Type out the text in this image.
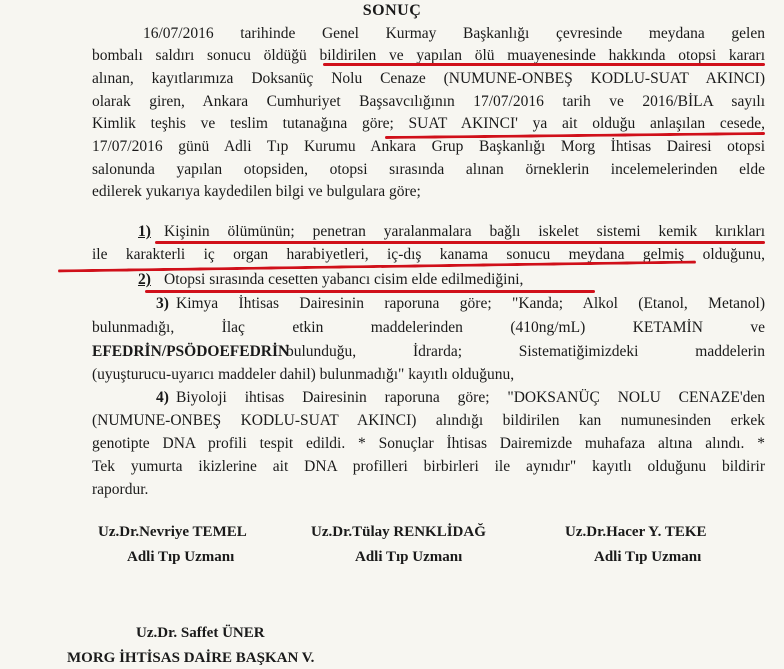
SONUÇ
16/07/2016 tarihinde Genel Kurmay Başkanlığı çevresinde meydana gelen
bombalı saldırı sonucu öldüğü bildirilen ve yapılan ölü muayenesinde hakkında otopsi kararı
alınan, kayıtlarımıza Doksanüç Nolu Cenaze (NUMUNE-ONBEŞ KODLU-SUAT AKINCI)
olarak giren, Ankara Cumhuriyet Başsavcılığının 17/07/2016 tarih ve 2016/BİLA sayılı
Kimlik teşhis ve teslim tutanağına göre; SUAT AKINCI' ya ait olduğu anlaşılan cesede,
17/07/2016 günü Adli Tıp Kurumu Ankara Grup Başkanlığı Morg İhtisas Dairesi otopsi
salonunda yapılan otopsiden, otopsi sırasında alınan örneklerin incelemelerinden elde
edilerek yukarıya kaydedilen bilgi ve bulgulara göre;
1) Kişinin ölümünün; penetran yaralanmalara bağlı iskelet sistemi kemik kırıkları
ile karakterli iç organ harabiyetleri, iç-dış kanama sonucu meydana gelmiş olduğunu,
2) Otopsi sırasında cesetten yabancı cisim elde edilmediğini,
3) Kimya İhtisas Dairesinin raporuna göre; "Kanda; Alkol (Etanol, Metanol)
bulunmadığı, İlaç etkin maddelerinden (410ng/mL) KETAMİN ve
EFEDRİN/PSÖDOEFEDRİN
bulunduğu, İdrarda; Sistematiğimizdeki maddelerin
(uyuşturucu-uyarıcı maddeler dahil) bulunmadığı" kayıtlı olduğunu,
4) Biyoloji ihtisas Dairesinin raporuna göre; "DOKSANÜÇ NOLU CENAZE'den
(NUMUNE-ONBEŞ KODLU-SUAT AKINCI) alındığı bildirilen kan numunesinden erkek
genotipte DNA profili tespit edildi. * Sonuçlar İhtisas Dairemizde muhafaza altına alındı. *
Tek yumurta ikizlerine ait DNA profilleri birbirleri ile aynıdır" kayıtlı olduğunu bildirir
rapordur.
Uz.Dr.Nevriye TEMEL
Adli Tıp Uzmanı
Uz.Dr.Tülay RENKLİDAĞ
Adli Tıp Uzmanı
Uz.Dr.Hacer Y. TEKE
Adli Tıp Uzmanı
Uz.Dr. Saffet ÜNER
MORG İHTİSAS DAİRE BAŞKAN V.
